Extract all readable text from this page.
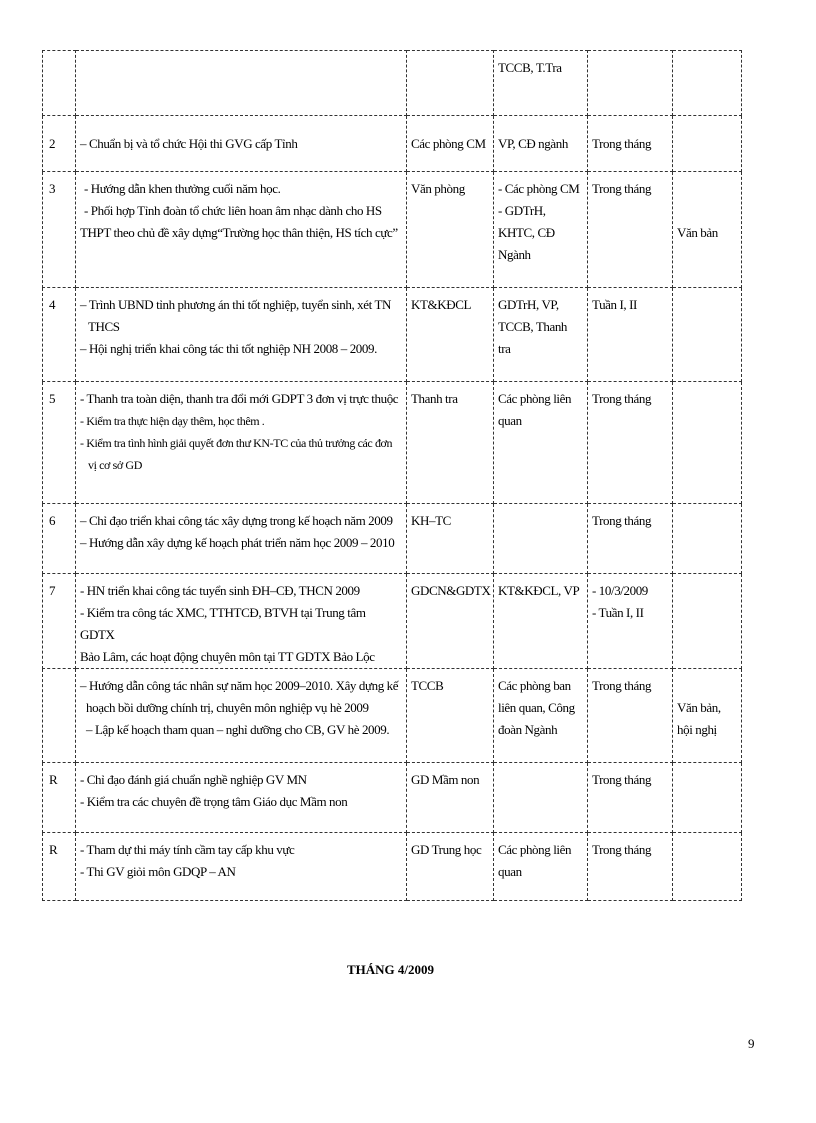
			TCCB, T.Tra		

2	– Chuẩn bị và tổ chức Hội thi GVG cấp Tỉnh	Các phòng CM	VP, CĐ ngành	Trong tháng	

3	- Hướng dẫn khen thưởng cuối năm học.
- Phối hợp Tỉnh đoàn tổ chức liên hoan âm nhạc dành cho HS
THPT theo chủ đề xây dựng“Trường học thân thiện, HS tích cực”	Văn phòng	- Các phòng CM
- GDTrH,
KHTC, CĐ
Ngành	Trong tháng	Văn bản

4	– Trình UBND tỉnh phương án thi tốt nghiệp, tuyển sinh, xét TN
THCS
– Hội nghị triển khai công tác thi tốt nghiệp NH 2008 – 2009.	KT&KĐCL	GDTrH, VP,
TCCB, Thanh
tra	Tuần I, II	

5	- Thanh tra toàn diện, thanh tra đổi mới GDPT 3 đơn vị trực thuộc
- Kiểm tra thực hiện dạy thêm, học thêm .
- Kiểm tra tình hình giải quyết đơn thư KN-TC của thủ trưởng các đơn
vị cơ sở GD	Thanh tra	Các phòng liên
quan	Trong tháng	

6	– Chỉ đạo triển khai công tác xây dựng trong kế hoạch năm 2009
– Hướng dẫn xây dựng kế hoạch phát triển năm học 2009 – 2010	KH–TC		Trong tháng	

7	- HN triển khai công tác tuyển sinh ĐH–CĐ, THCN 2009
- Kiểm tra công tác XMC, TTHTCĐ, BTVH tại Trung tâm GDTX
Bảo Lâm, các hoạt động chuyên môn tại TT GDTX Bảo Lộc	GDCN&GDTX	KT&KĐCL, VP	- 10/3/2009
- Tuần I, II	

	– Hướng dẫn công tác nhân sự năm học 2009–2010. Xây dựng kế
hoạch bồi dưỡng chính trị, chuyên môn nghiệp vụ hè 2009
– Lập kế hoạch tham quan – nghỉ dưỡng cho CB, GV hè 2009.	TCCB	Các phòng ban
liên quan, Công
đoàn Ngành	Trong tháng	Văn bản,
hội nghị

R	- Chỉ đạo đánh giá chuẩn nghề nghiệp GV MN
- Kiểm tra các chuyên đề trọng tâm Giáo dục Mầm non	GD Mầm non		Trong tháng	

R	- Tham dự thi máy tính cầm tay cấp khu vực
- Thi GV giỏi môn GDQP – AN	GD Trung học	Các phòng liên
quan	Trong tháng	

THÁNG 4/2009
9
